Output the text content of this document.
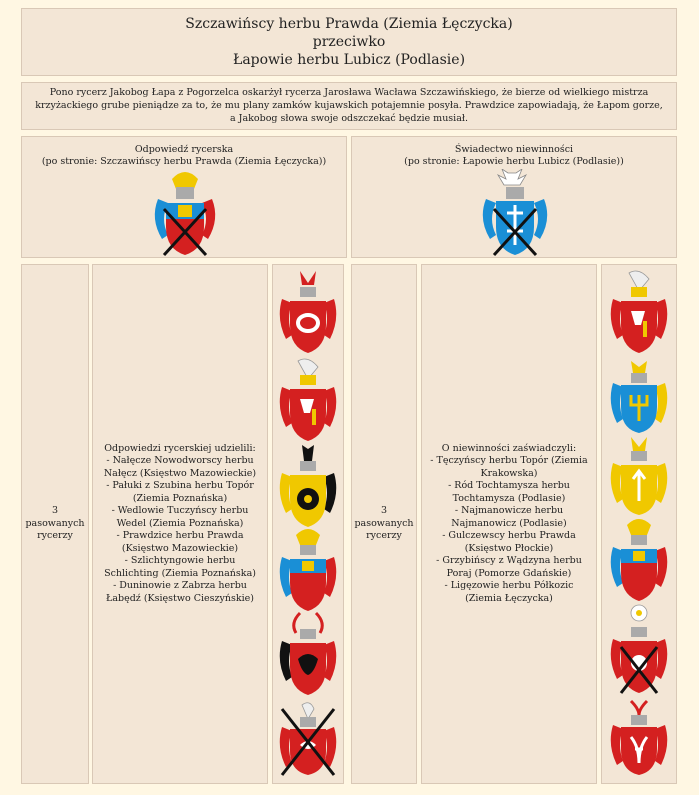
Szczawińscy herbu Prawda (Ziemia Łęczycka)
przeciwko
Łapowie herbu Lubicz (Podlasie)
Pono rycerz Jakobog Łapa z Pogorzelca oskarżył rycerza Jarosława Wacława Szczawińskiego, że bierze od wielkiego mistrza krzyżackiego grube pieniądze za to, że mu plany zamków kujawskich potajemnie posyła. Prawdzice zapowiadają, że Łapom gorze, a Jakobog słowa swoje odszczekać będzie musiał.
Odpowiedź rycerska
(po stronie: Szczawińscy herbu Prawda (Ziemia Łęczycka))
Świadectwo niewinności
(po stronie: Łapowie herbu Lubicz (Podlasie))
3
pasowanych
rycerzy
Odpowiedzi rycerskiej udzielili:
- Nałęcze Nowodworscy herbu Nałęcz (Księstwo Mazowieckie)
- Pałuki z Szubina herbu Topór (Ziemia Poznańska)
- Wedlowie Tuczyńscy herbu Wedel (Ziemia Poznańska)
- Prawdzice herbu Prawda (Księstwo Mazowieckie)
- Szlichtyngowie herbu Schlichting (Ziemia Poznańska)
- Duninowie z Zabrza herbu Łabędź (Księstwo Cieszyńskie)
3
pasowanych
rycerzy
O niewinności zaświadczyli:
- Tęczyńscy herbu Topór (Ziemia Krakowska)
- Ród Tochtamysza herbu Tochtamysza (Podlasie)
- Najmanowicze herbu Najmanowicz (Podlasie)
- Gulczewscy herbu Prawda (Księstwo Płockie)
- Grzybińscy z Wądzyna herbu Poraj (Pomorze Gdańskie)
- Ligęzowie herbu Półkozic (Ziemia Łęczycka)
